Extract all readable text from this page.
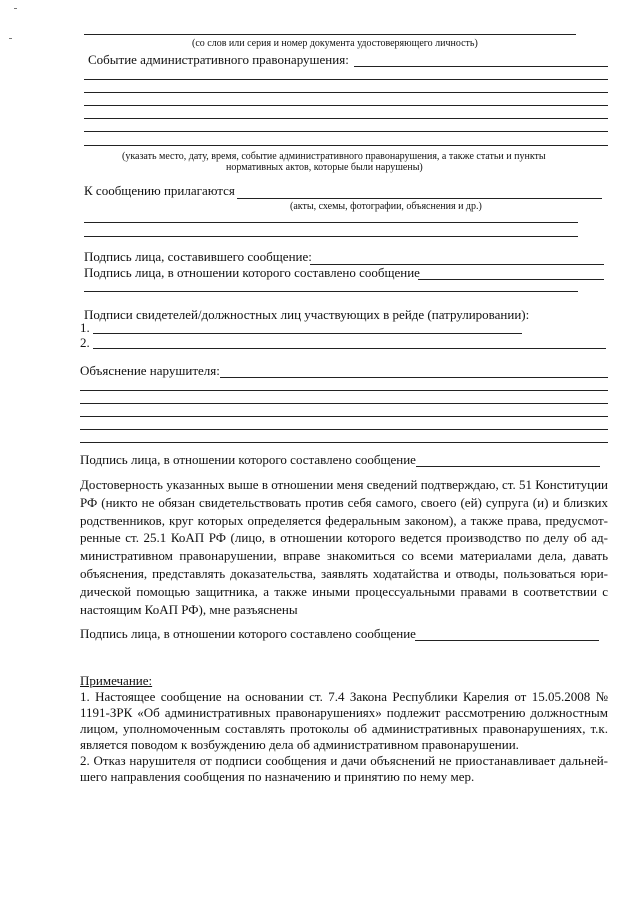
(со слов или серия и номер документа удостоверяющего личность)
Событие административного правонарушения:
(указать место, дату, время, событие административного правонарушения, а также статьи и пункты
нормативных актов, которые были нарушены)
К сообщению прилагаются
(акты, схемы, фотографии, объяснения и др.)
Подпись лица, составившего сообщение:
Подпись лица, в отношении которого составлено сообщение
Подписи свидетелей/должностных лиц участвующих в рейде (патрулировании):
1.
2.
Объяснение нарушителя:
Подпись лица, в отношении которого составлено сообщение
Достоверность указанных выше в отношении меня сведений подтверждаю, ст. 51 Конституции
РФ (никто не обязан свидетельствовать против себя самого, своего (ей) супруга (и) и близких
родственников, круг которых определяется федеральным законом), а также права, предусмот-
ренные ст. 25.1 КоАП РФ (лицо, в отношении которого ведется производство по делу об ад-
министративном правонарушении, вправе знакомиться со всеми материалами дела, давать
объяснения, представлять доказательства, заявлять ходатайства и отводы, пользоваться юри-
дической помощью защитника, а также иными процессуальными правами в соответствии с
настоящим КоАП РФ), мне разъяснены
Подпись лица, в отношении которого составлено сообщение
Примечание:
1. Настоящее сообщение на основании ст. 7.4 Закона Республики Карелия от 15.05.2008 №
1191-ЗРК «Об административных правонарушениях» подлежит рассмотрению должностным
лицом, уполномоченным составлять протоколы об административных правонарушениях, т.к.
является поводом к возбуждению дела об административном правонарушении.
2. Отказ нарушителя от подписи сообщения и дачи объяснений не приостанавливает дальней-
шего направления сообщения по назначению и принятию по нему мер.
